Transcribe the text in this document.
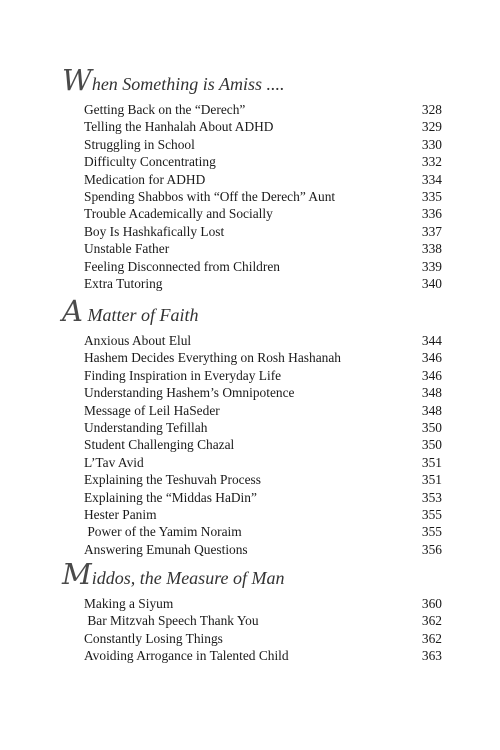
When Something is Amiss ....
Getting Back on the “Derech”	328
Telling the Hanhalah About ADHD	329
Struggling in School	330
Difficulty Concentrating	332
Medication for ADHD	334
Spending Shabbos with “Off the Derech” Aunt	335
Trouble Academically and Socially	336
Boy Is Hashkafically Lost	337
Unstable Father	338
Feeling Disconnected from Children	339
Extra Tutoring	340
A Matter of Faith
Anxious About Elul	344
Hashem Decides Everything on Rosh Hashanah	346
Finding Inspiration in Everyday Life	346
Understanding Hashem’s Omnipotence	348
Message of Leil HaSeder	348
Understanding Tefillah	350
Student Challenging Chazal	350
L’Tav Avid	351
Explaining the Teshuvah Process	351
Explaining the “Middas HaDin”	353
Hester Panim	355
Power of the Yamim Noraim	355
Answering Emunah Questions	356
Middos, the Measure of Man
Making a Siyum	360
Bar Mitzvah Speech Thank You	362
Constantly Losing Things	362
Avoiding Arrogance in Talented Child	363
